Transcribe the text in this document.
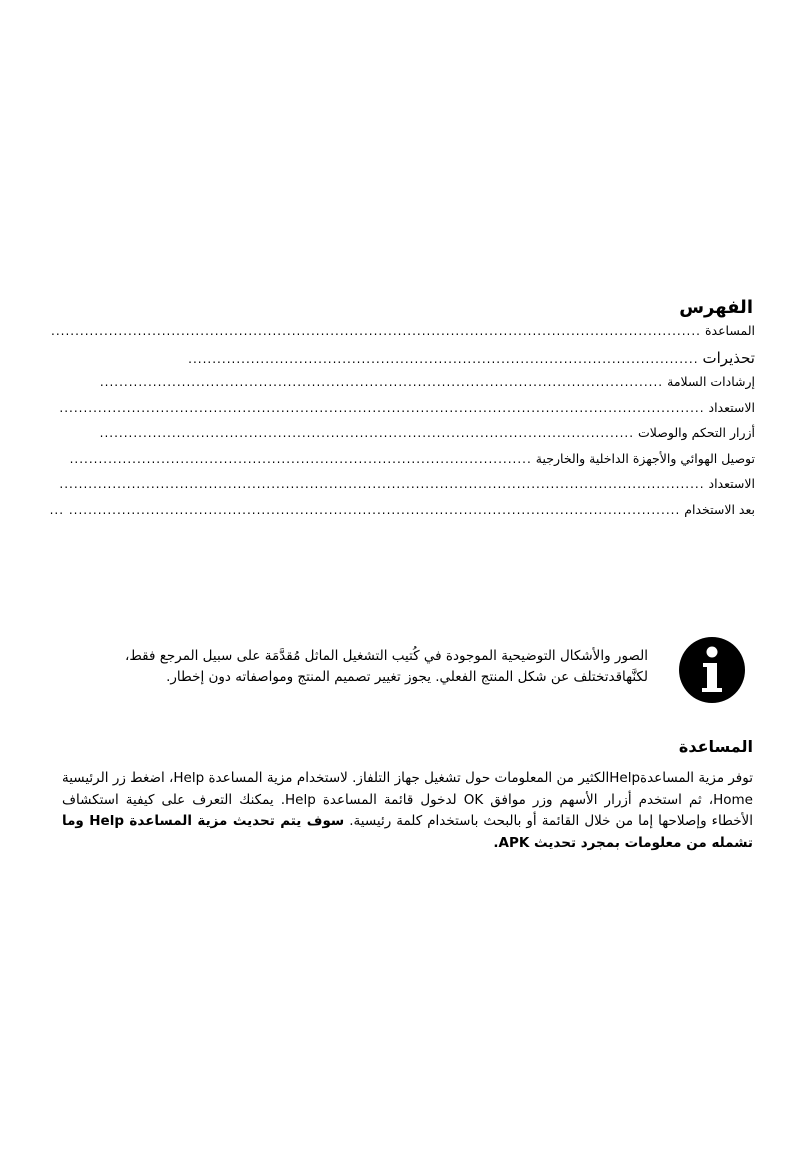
الفهرس
المساعدة
.......................................................................................................................................
تحذيرات
..........................................................................................................
إرشادات السلامة
.....................................................................................................................
الاستعداد
......................................................................................................................................
أزرار التحكم والوصلات
...............................................................................................................
توصيل الهوائي والأجهزة الداخلية والخارجية
................................................................................................
الاستعداد
......................................................................................................................................
بعد الاستخدام
... ...............................................................................................................................

الصور والأشكال التوضيحية الموجودة في كُتيب التشغيل الماثل مُقدَّمَة على سبيل المرجع فقط،
لكنَّهاقدتختلف عن شكل المنتج الفعلي. يجوز تغيير تصميم المنتج ومواصفاته دون إخطار.

المساعدة

توفر مزية المساعدةHelpالكثير من المعلومات حول تشغيل جهاز التلفاز. لاستخدام مزية المساعدة Help، اضغط زر الرئيسية Home، ثم استخدم أزرار الأسهم وزر موافق OK لدخول قائمة المساعدة Help. يمكنك التعرف على كيفية استكشاف الأخطاء وإصلاحها إما من خلال القائمة أو بالبحث باستخدام كلمة رئيسية. سوف يتم تحديث مزية المساعدة Help وما تشمله من معلومات بمجرد تحديث APK.
